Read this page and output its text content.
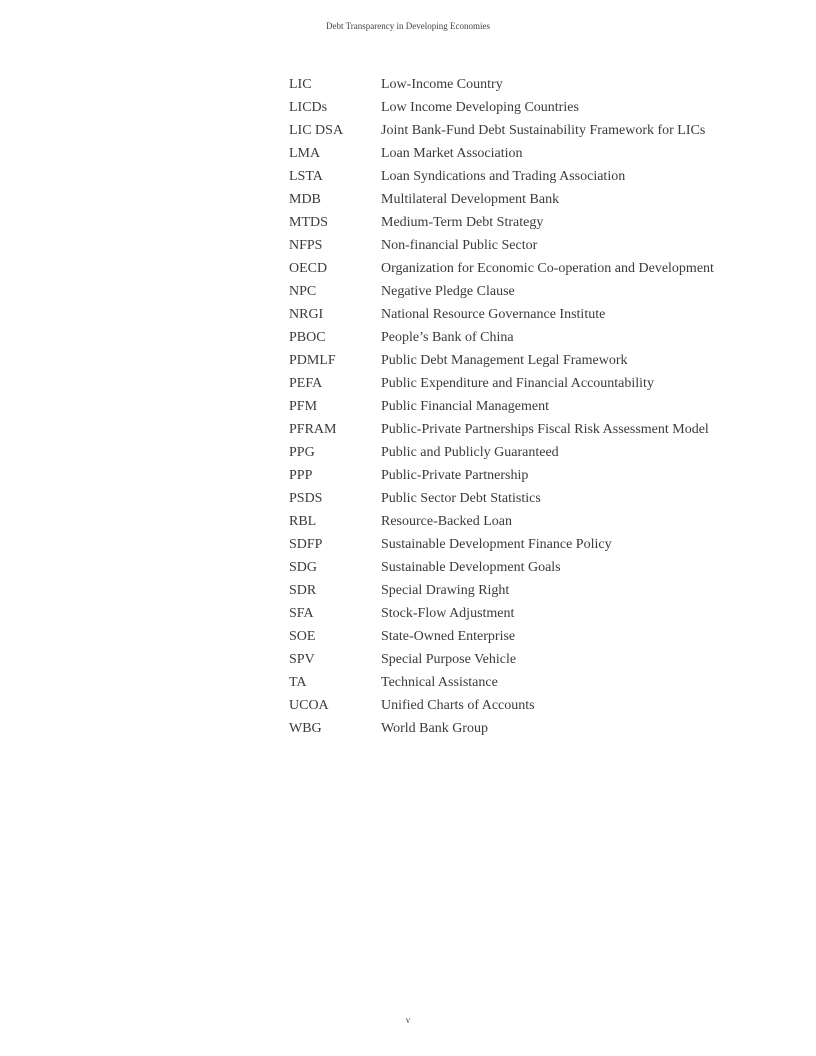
Debt Transparency in Developing Economies
LIC	Low-Income Country
LICDs	Low Income Developing Countries
LIC DSA	Joint Bank-Fund Debt Sustainability Framework for LICs
LMA	Loan Market Association
LSTA	Loan Syndications and Trading Association
MDB	Multilateral Development Bank
MTDS	Medium-Term Debt Strategy
NFPS	Non-financial Public Sector
OECD	Organization for Economic Co-operation and Development
NPC	Negative Pledge Clause
NRGI	National Resource Governance Institute
PBOC	People’s Bank of China
PDMLF	Public Debt Management Legal Framework
PEFA	Public Expenditure and Financial Accountability
PFM	Public Financial Management
PFRAM	Public-Private Partnerships Fiscal Risk Assessment Model
PPG	Public and Publicly Guaranteed
PPP	Public-Private Partnership
PSDS	Public Sector Debt Statistics
RBL	Resource-Backed Loan
SDFP	Sustainable Development Finance Policy
SDG	Sustainable Development Goals
SDR	Special Drawing Right
SFA	Stock-Flow Adjustment
SOE	State-Owned Enterprise
SPV	Special Purpose Vehicle
TA	Technical Assistance
UCOA	Unified Charts of Accounts
WBG	World Bank Group
v
